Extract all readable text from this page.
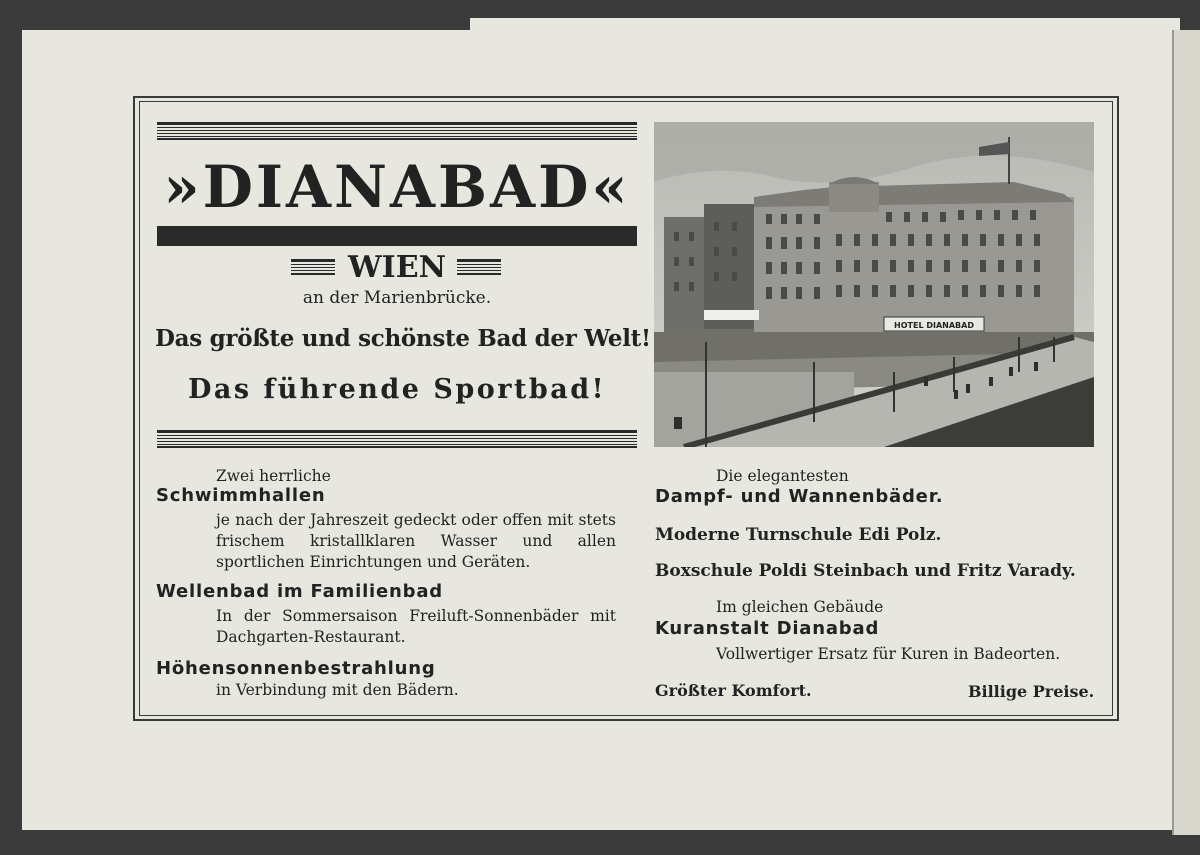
»DIANABAD«
WIEN
an der Marienbrücke.
Das größte und schönste Bad der Welt!
Das führende Sportbad!
HOTEL DIANABAD
Zwei herrliche
Schwimmhallen
je nach der Jahreszeit gedeckt oder offen mit stets frischem kristallklaren Wasser und allen sportlichen Einrichtungen und Geräten.
Wellenbad im Familienbad
In der Sommersaison Freiluft-Sonnenbäder mit Dachgarten-Restaurant.
Höhensonnenbestrahlung
in Verbindung mit den Bädern.
Die elegantesten
Dampf- und Wannenbäder.
Moderne Turnschule Edi Polz.
Boxschule Poldi Steinbach und Fritz Varady.
Im gleichen Gebäude
Kuranstalt Dianabad
Vollwertiger Ersatz für Kuren in Badeorten.
Größter Komfort.	Billige Preise.
